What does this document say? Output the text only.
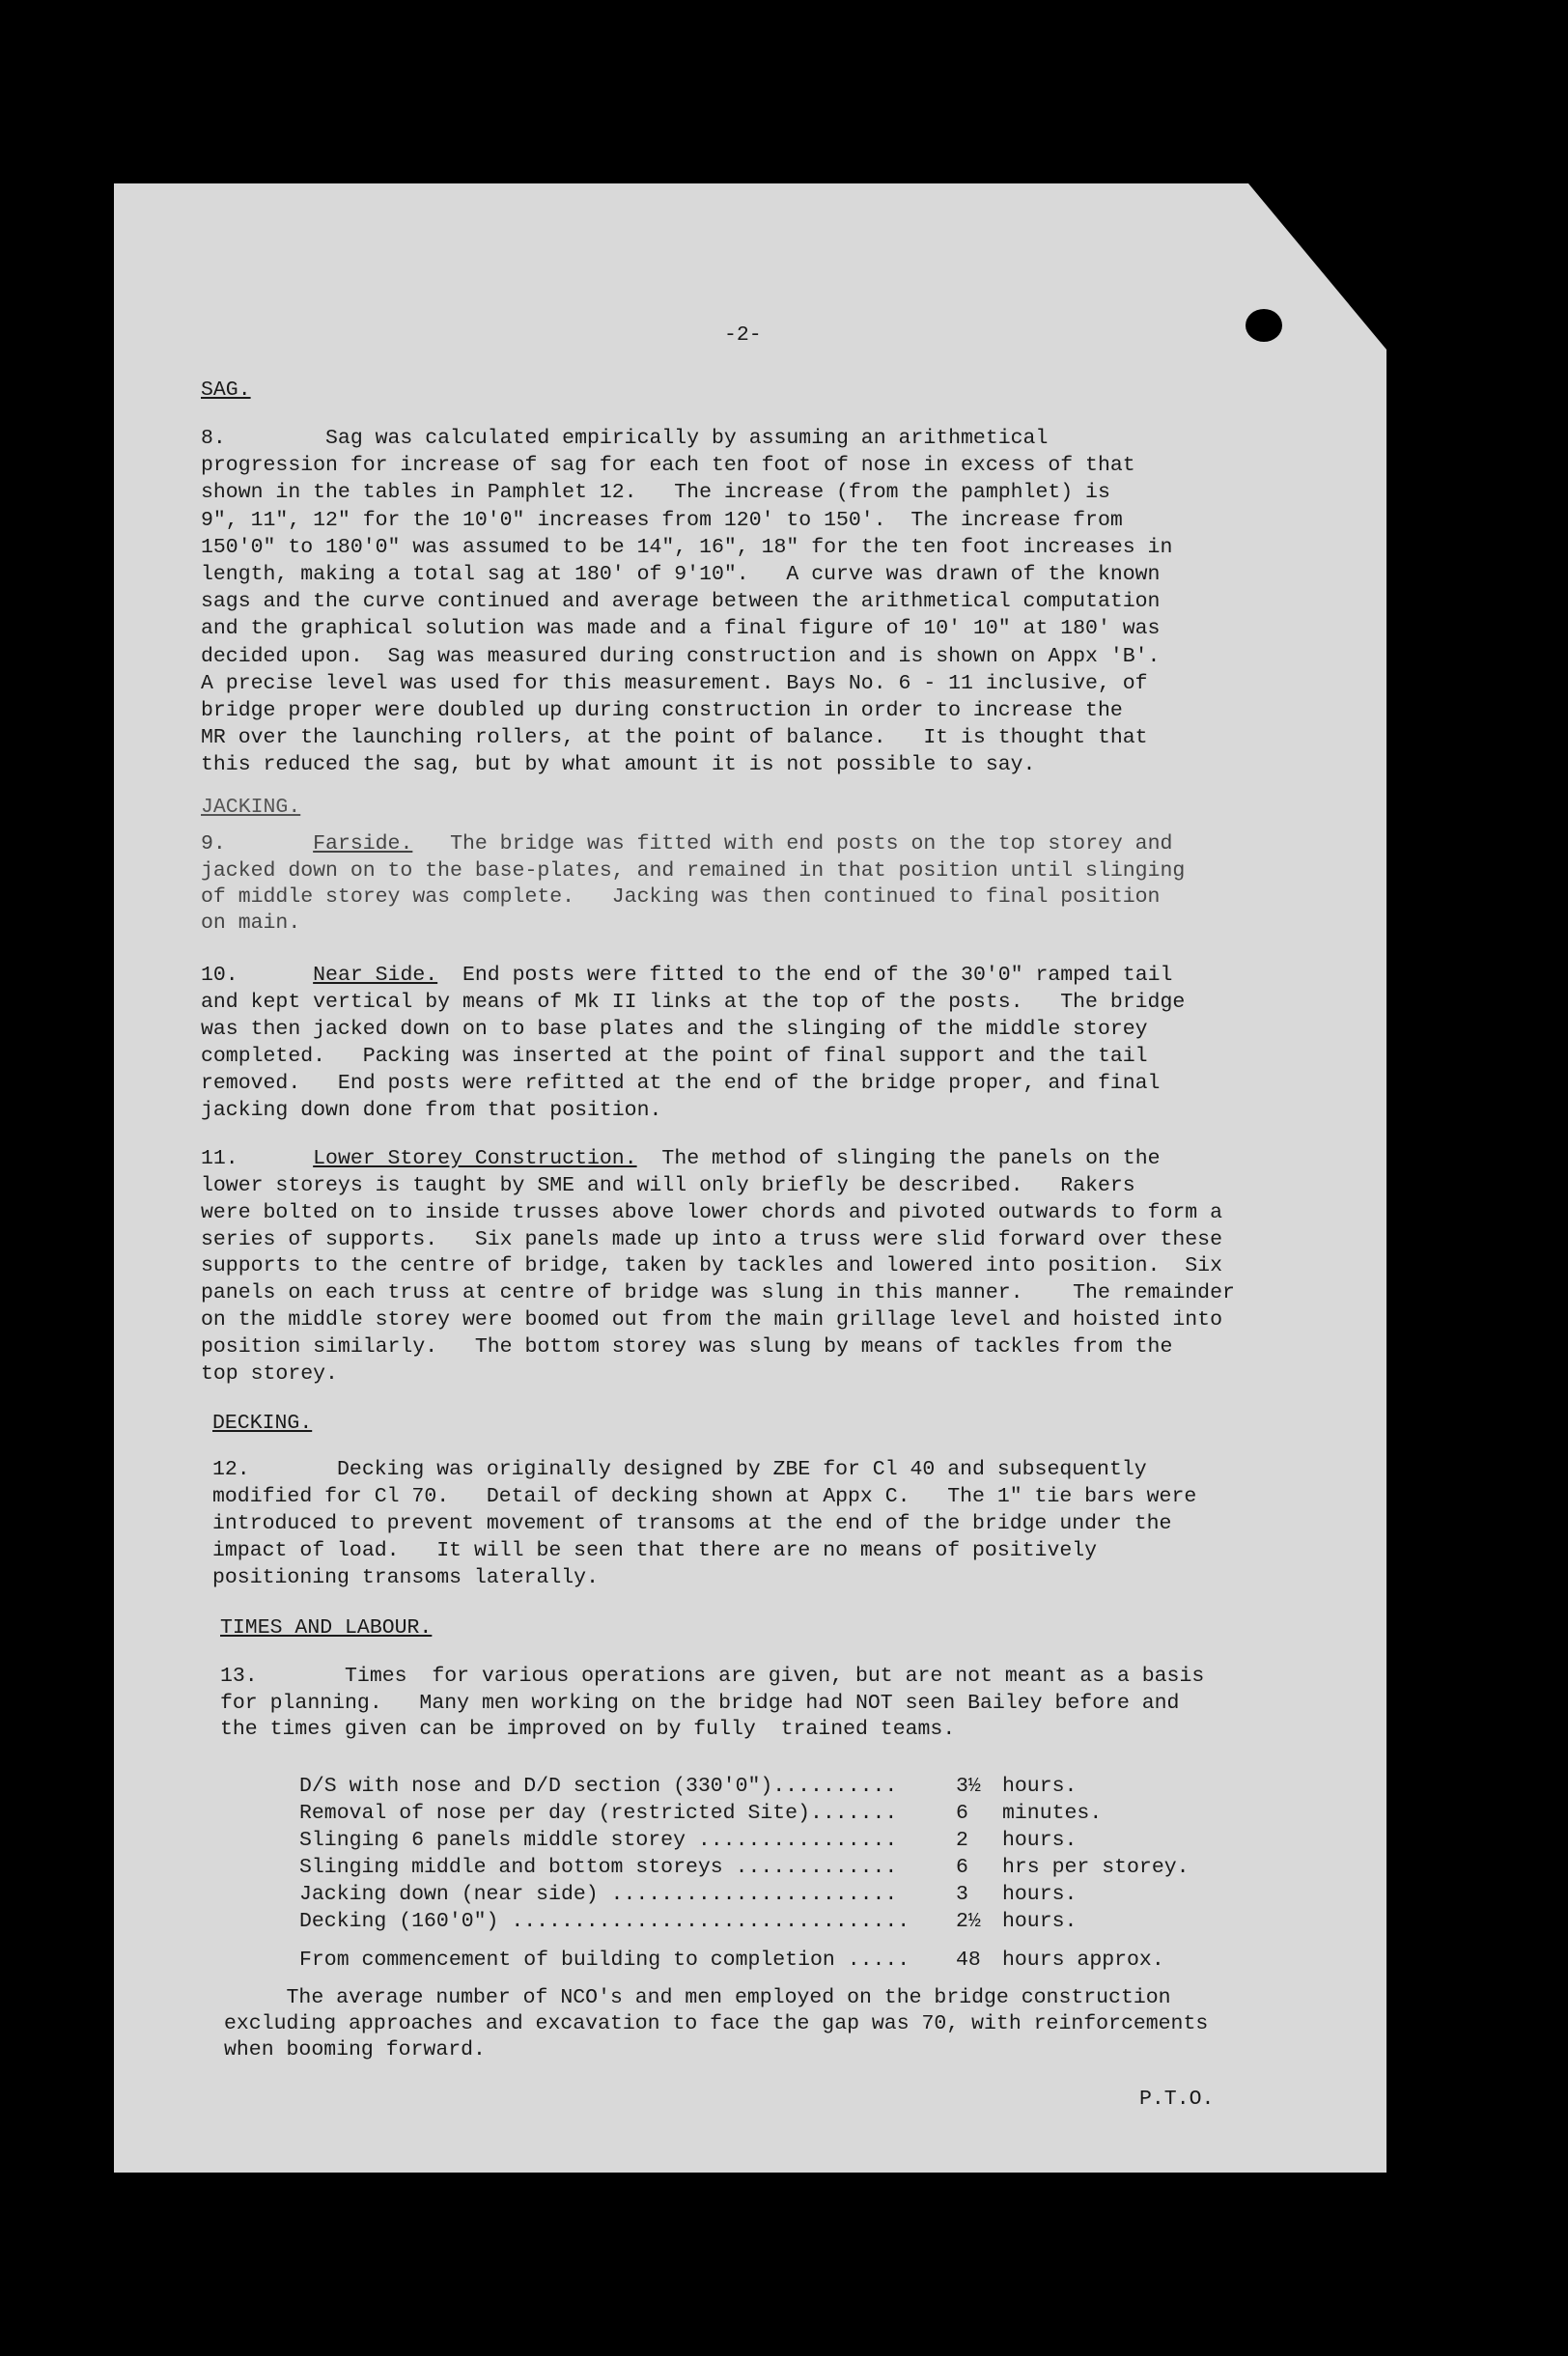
-2-
SAG.
8.        Sag was calculated empirically by assuming an arithmetical
progression for increase of sag for each ten foot of nose in excess of that
shown in the tables in Pamphlet 12.   The increase (from the pamphlet) is
9", 11", 12" for the 10'0" increases from 120' to 150'.  The increase from
150'0" to 180'0" was assumed to be 14", 16", 18" for the ten foot increases in
length, making a total sag at 180' of 9'10".   A curve was drawn of the known
sags and the curve continued and average between the arithmetical computation
and the graphical solution was made and a final figure of 10' 10" at 180' was
decided upon.  Sag was measured during construction and is shown on Appx 'B'.
A precise level was used for this measurement. Bays No. 6 - 11 inclusive, of
bridge proper were doubled up during construction in order to increase the
MR over the launching rollers, at the point of balance.   It is thought that
this reduced the sag, but by what amount it is not possible to say.
JACKING.
9.	Farside.   The bridge was fitted with end posts on the top storey and
jacked down on to the base-plates, and remained in that position until slinging
of middle storey was complete.   Jacking was then continued to final position
on main.
10.	Near Side.  End posts were fitted to the end of the 30'0" ramped tail
and kept vertical by means of Mk II links at the top of the posts.   The bridge
was then jacked down on to base plates and the slinging of the middle storey
completed.   Packing was inserted at the point of final support and the tail
removed.   End posts were refitted at the end of the bridge proper, and final
jacking down done from that position.
11.	Lower Storey Construction.  The method of slinging the panels on the
lower storeys is taught by SME and will only briefly be described.   Rakers
were bolted on to inside trusses above lower chords and pivoted outwards to form a
series of supports.   Six panels made up into a truss were slid forward over these
supports to the centre of bridge, taken by tackles and lowered into position.  Six
panels on each truss at centre of bridge was slung in this manner.    The remainder
on the middle storey were boomed out from the main grillage level and hoisted into
position similarly.   The bottom storey was slung by means of tackles from the
top storey.
DECKING.
12.       Decking was originally designed by ZBE for Cl 40 and subsequently
modified for Cl 70.   Detail of decking shown at Appx C.   The 1" tie bars were
introduced to prevent movement of transoms at the end of the bridge under the
impact of load.   It will be seen that there are no means of positively
positioning transoms laterally.
TIMES AND LABOUR.
13.       Times  for various operations are given, but are not meant as a basis
for planning.   Many men working on the bridge had NOT seen Bailey before and
the times given can be improved on by fully  trained teams.
D/S with nose and D/D section (330'0")..........	3½ hours.
Removal of nose per day (restricted Site).......	6 minutes.
Slinging 6 panels middle storey ................	2 hours.
Slinging middle and bottom storeys .............	6 hrs per storey.
Jacking down (near side) .......................	3 hours.
Decking (160'0") ................................ 2½ hours.
From commencement of building to completion ..... 48 hours approx.
The average number of NCO's and men employed on the bridge construction
excluding approaches and excavation to face the gap was 70, with reinforcements
when booming forward.
P.T.O.
